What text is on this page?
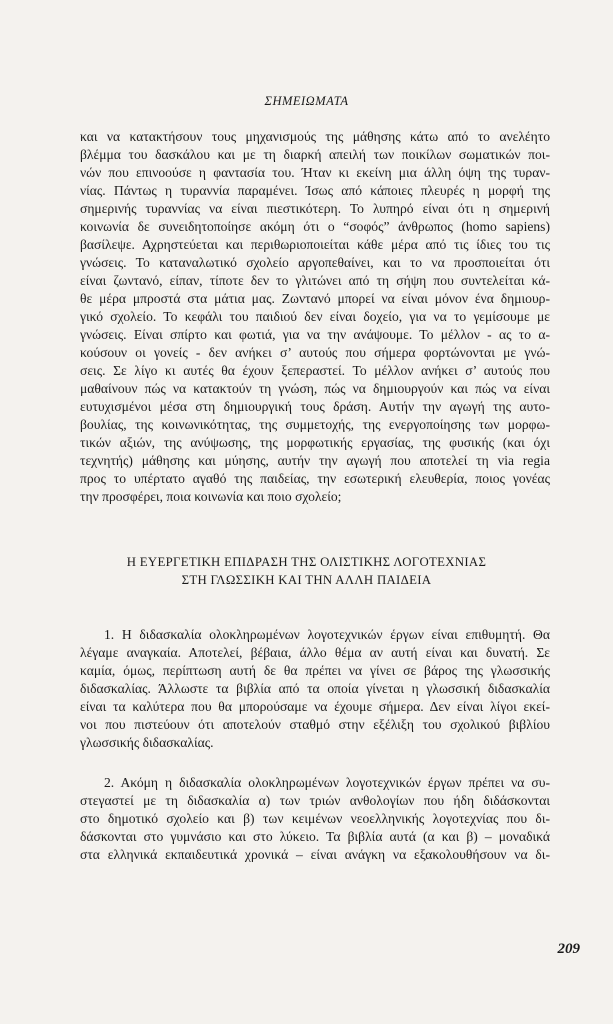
ΣΗΜΕΙΩΜΑΤΑ
και να κατακτήσουν τους μηχανισμούς της μάθησης κάτω από το ανελέητο
βλέμμα του δασκάλου και με τη διαρκή απειλή των ποικίλων σωματικών ποι-
νών που επινοούσε η φαντασία του. Ήταν κι εκείνη μια άλλη όψη της τυραν-
νίας. Πάντως η τυραννία παραμένει. Ίσως από κάποιες πλευρές η μορφή της
σημερινής τυραννίας να είναι πιεστικότερη. Το λυπηρό είναι ότι η σημερινή
κοινωνία δε συνειδητοποίησε ακόμη ότι ο “σοφός” άνθρωπος (homo sapiens)
βασίλεψε. Αχρηστεύεται και περιθωριοποιείται κάθε μέρα από τις ίδιες του τις
γνώσεις. Το καταναλωτικό σχολείο αργοπεθαίνει, και το να προσποιείται ότι
είναι ζωντανό, είπαν, τίποτε δεν το γλιτώνει από τη σήψη που συντελείται κά-
θε μέρα μπροστά στα μάτια μας. Ζωντανό μπορεί να είναι μόνον ένα δημιουρ-
γικό σχολείο. Το κεφάλι του παιδιού δεν είναι δοχείο, για να το γεμίσουμε με
γνώσεις. Είναι σπίρτο και φωτιά, για να την ανάψουμε. Το μέλλον - ας το α-
κούσουν οι γονείς - δεν ανήκει σ’ αυτούς που σήμερα φορτώνονται με γνώ-
σεις. Σε λίγο κι αυτές θα έχουν ξεπεραστεί. Το μέλλον ανήκει σ’ αυτούς που
μαθαίνουν πώς να κατακτούν τη γνώση, πώς να δημιουργούν και πώς να είναι
ευτυχισμένοι μέσα στη δημιουργική τους δράση. Αυτήν την αγωγή της αυτο-
βουλίας, της κοινωνικότητας, της συμμετοχής, της ενεργοποίησης των μορφω-
τικών αξιών, της ανύψωσης, της μορφωτικής εργασίας, της φυσικής (και όχι
τεχνητής) μάθησης και μύησης, αυτήν την αγωγή που αποτελεί τη via regia
προς το υπέρτατο αγαθό της παιδείας, την εσωτερική ελευθερία, ποιος γονέας
την προσφέρει, ποια κοινωνία και ποιο σχολείο;
Η ΕΥΕΡΓΕΤΙΚΗ ΕΠΙΔΡΑΣΗ ΤΗΣ ΟΛΙΣΤΙΚΗΣ ΛΟΓΟΤΕΧΝΙΑΣ
ΣΤΗ ΓΛΩΣΣΙΚΗ ΚΑΙ ΤΗΝ ΑΛΛΗ ΠΑΙΔΕΙΑ
1. Η διδασκαλία ολοκληρωμένων λογοτεχνικών έργων είναι επιθυμητή. Θα
λέγαμε αναγκαία. Αποτελεί, βέβαια, άλλο θέμα αν αυτή είναι και δυνατή. Σε
καμία, όμως, περίπτωση αυτή δε θα πρέπει να γίνει σε βάρος της γλωσσικής
διδασκαλίας. Άλλωστε τα βιβλία από τα οποία γίνεται η γλωσσική διδασκαλία
είναι τα καλύτερα που θα μπορούσαμε να έχουμε σήμερα. Δεν είναι λίγοι εκεί-
νοι που πιστεύουν ότι αποτελούν σταθμό στην εξέλιξη του σχολικού βιβλίου
γλωσσικής διδασκαλίας.
2. Ακόμη η διδασκαλία ολοκληρωμένων λογοτεχνικών έργων πρέπει να συ-
στεγαστεί με τη διδασκαλία α) των τριών ανθολογίων που ήδη διδάσκονται
στο δημοτικό σχολείο και β) των κειμένων νεοελληνικής λογοτεχνίας που δι-
δάσκονται στο γυμνάσιο και στο λύκειο. Τα βιβλία αυτά (α και β) – μοναδικά
στα ελληνικά εκπαιδευτικά χρονικά – είναι ανάγκη να εξακολουθήσουν να δι-
209
